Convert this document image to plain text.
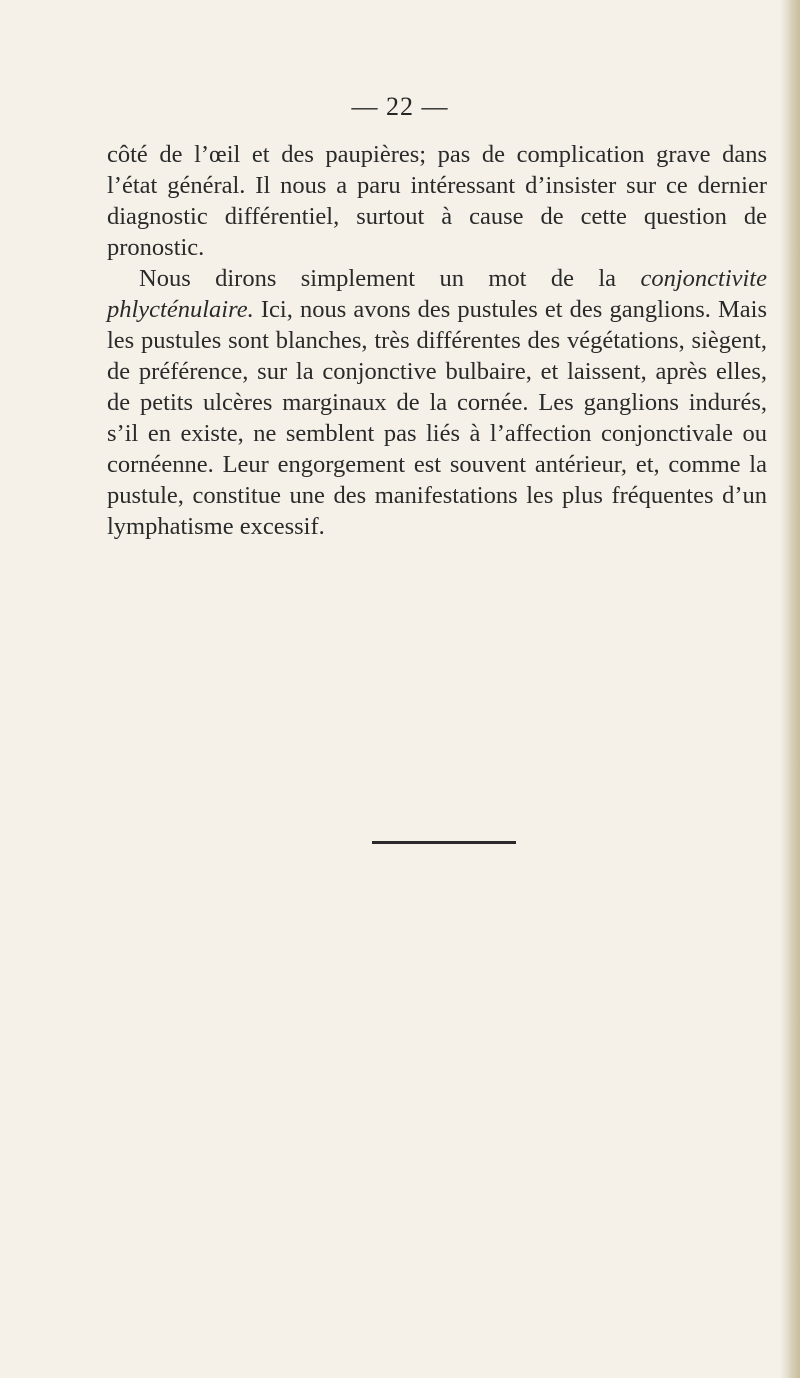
— 22 —

côté de l’œil et des paupières; pas de complication grave dans l’état général. Il nous a paru intéressant d’insister sur ce dernier diagnostic différentiel, surtout à cause de cette question de pronostic.

Nous dirons simplement un mot de la conjonctivite phlycténulaire. Ici, nous avons des pustules et des ganglions. Mais les pustules sont blanches, très différentes des végétations, siègent, de préférence, sur la conjonctive bulbaire, et laissent, après elles, de petits ulcères marginaux de la cornée. Les ganglions indurés, s’il en existe, ne semblent pas liés à l’affection conjonctivale ou cornéenne. Leur engorgement est souvent antérieur, et, comme la pustule, constitue une des manifestations les plus fréquentes d’un lymphatisme excessif.
